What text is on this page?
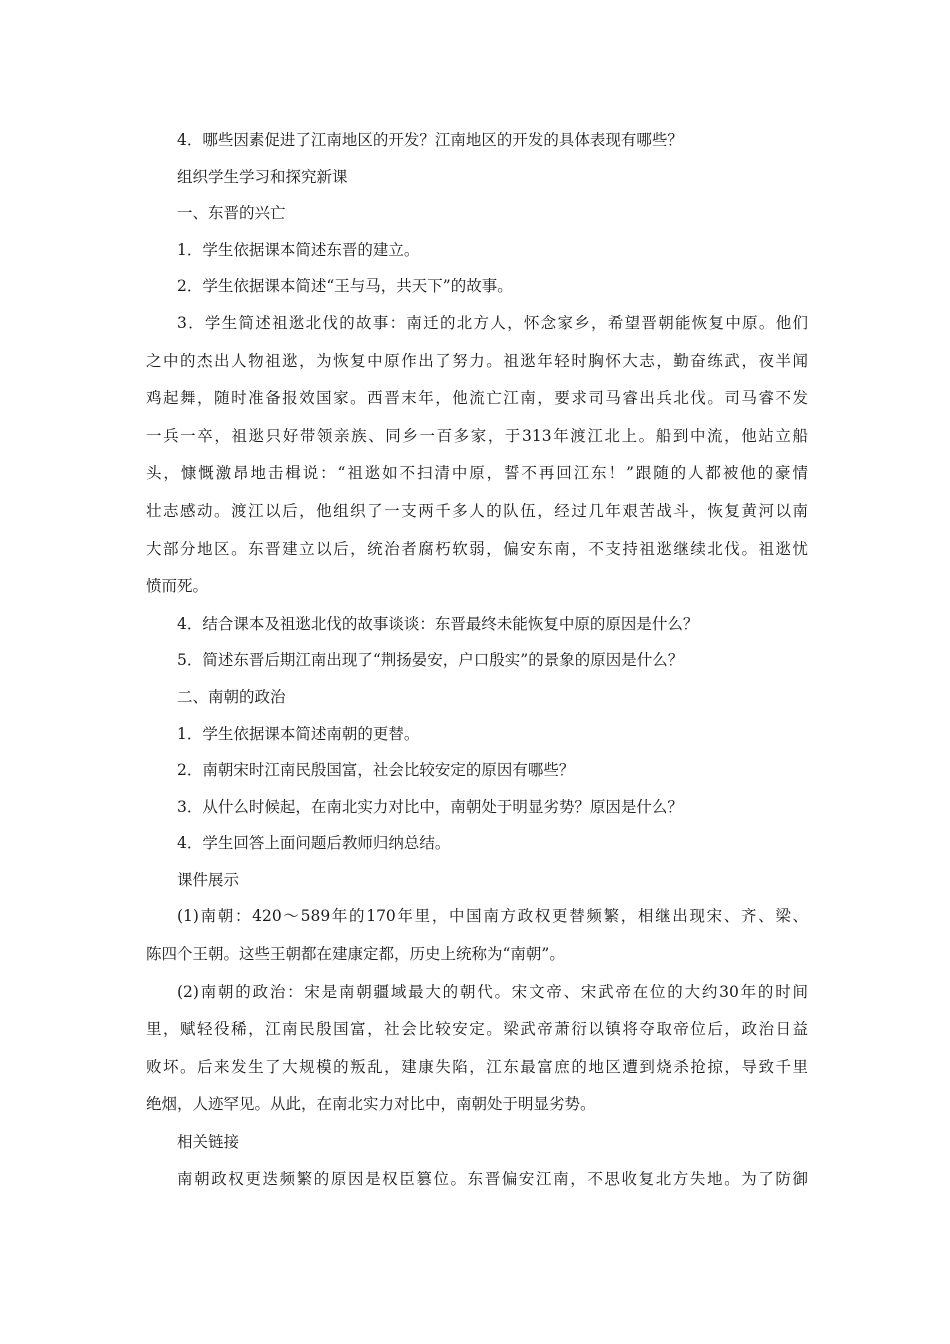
4．哪些因素促进了江南地区的开发？江南地区的开发的具体表现有哪些？

组织学生学习和探究新课

一、东晋的兴亡

1．学生依据课本简述东晋的建立。

2．学生依据课本简述“王与马，共天下”的故事。

3．学生简述祖逖北伐的故事：南迁的北方人，怀念家乡，希望晋朝能恢复中原。他们
之中的杰出人物祖逖，为恢复中原作出了努力。祖逖年轻时胸怀大志，勤奋练武，夜半闻
鸡起舞，随时准备报效国家。西晋末年，他流亡江南，要求司马睿出兵北伐。司马睿不发
一兵一卒，祖逖只好带领亲族、同乡一百多家，于313年渡江北上。船到中流，他站立船
头，慷慨激昂地击楫说：“祖逖如不扫清中原，誓不再回江东！”跟随的人都被他的豪情
壮志感动。渡江以后，他组织了一支两千多人的队伍，经过几年艰苦战斗，恢复黄河以南
大部分地区。东晋建立以后，统治者腐朽软弱，偏安东南，不支持祖逖继续北伐。祖逖忧
愤而死。

4．结合课本及祖逖北伐的故事谈谈：东晋最终未能恢复中原的原因是什么？

5．简述东晋后期江南出现了“荆扬晏安，户口殷实”的景象的原因是什么？

二、南朝的政治

1．学生依据课本简述南朝的更替。

2．南朝宋时江南民殷国富，社会比较安定的原因有哪些？

3．从什么时候起，在南北实力对比中，南朝处于明显劣势？原因是什么？

4．学生回答上面问题后教师归纳总结。

课件展示

(1)南朝：420～589年的170年里，中国南方政权更替频繁，相继出现宋、齐、梁、
陈四个王朝。这些王朝都在建康定都，历史上统称为“南朝”。
(2)南朝的政治：宋是南朝疆域最大的朝代。宋文帝、宋武帝在位的大约30年的时间
里，赋轻役稀，江南民殷国富，社会比较安定。梁武帝萧衍以镇将夺取帝位后，政治日益
败坏。后来发生了大规模的叛乱，建康失陷，江东最富庶的地区遭到烧杀抢掠，导致千里
绝烟，人迹罕见。从此，在南北实力对比中，南朝处于明显劣势。

相关链接

南朝政权更迭频繁的原因是权臣篡位。东晋偏安江南，不思收复北方失地。为了防御
